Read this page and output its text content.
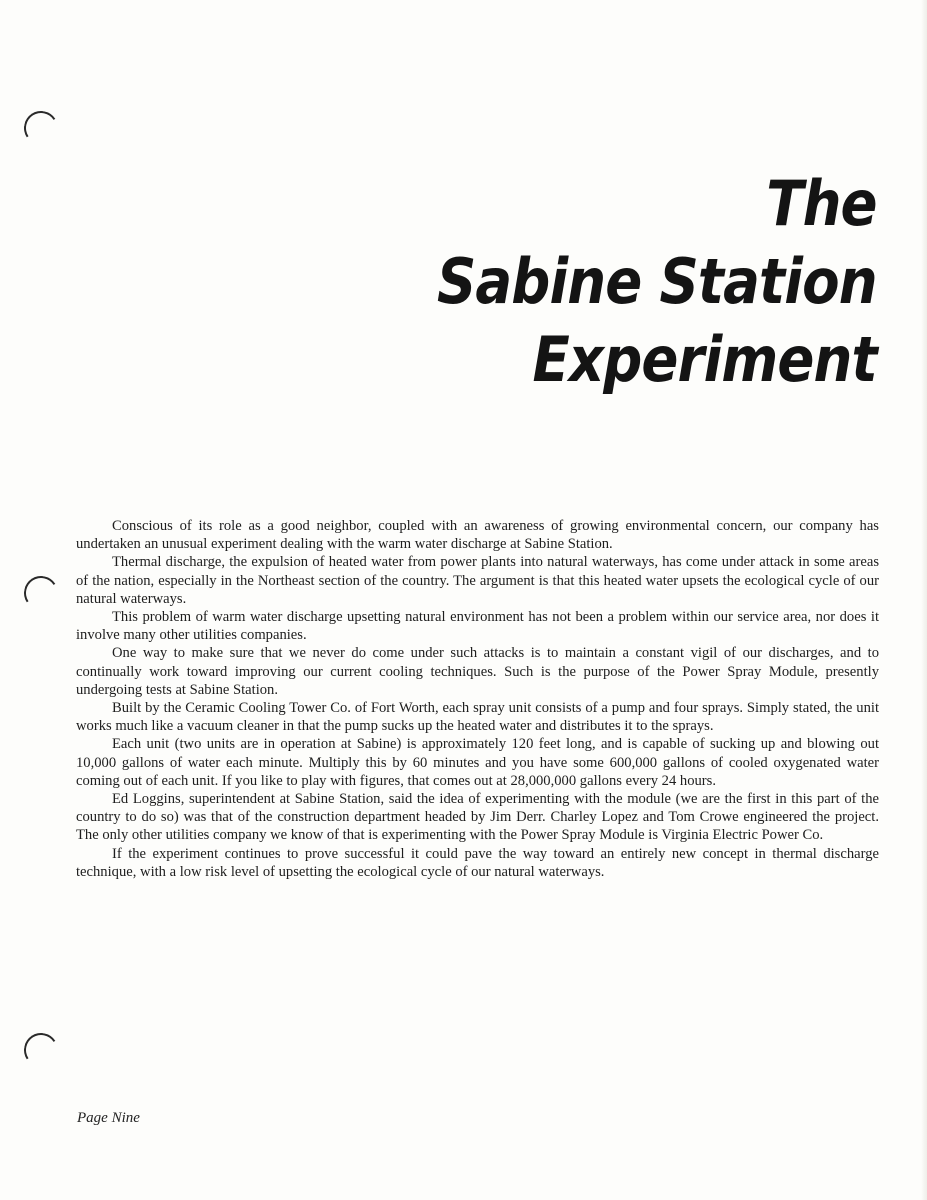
The
Sabine Station
Experiment

Conscious of its role as a good neighbor, coupled with an awareness of growing environmental concern, our company has undertaken an unusual experiment dealing with the warm water discharge at Sabine Station.

Thermal discharge, the expulsion of heated water from power plants into natural waterways, has come under attack in some areas of the nation, especially in the Northeast section of the country. The argument is that this heated water upsets the ecological cycle of our natural waterways.

This problem of warm water discharge upsetting natural environment has not been a problem within our service area, nor does it involve many other utilities companies.

One way to make sure that we never do come under such attacks is to maintain a constant vigil of our discharges, and to continually work toward improving our current cooling techniques. Such is the purpose of the Power Spray Module, presently undergoing tests at Sabine Station.

Built by the Ceramic Cooling Tower Co. of Fort Worth, each spray unit consists of a pump and four sprays. Simply stated, the unit works much like a vacuum cleaner in that the pump sucks up the heated water and distributes it to the sprays.

Each unit (two units are in operation at Sabine) is approximately 120 feet long, and is capable of sucking up and blowing out 10,000 gallons of water each minute. Multiply this by 60 minutes and you have some 600,000 gallons of cooled oxygenated water coming out of each unit. If you like to play with figures, that comes out at 28,000,000 gallons every 24 hours.

Ed Loggins, superintendent at Sabine Station, said the idea of experimenting with the module (we are the first in this part of the country to do so) was that of the construction department headed by Jim Derr. Charley Lopez and Tom Crowe engineered the project. The only other utilities company we know of that is experimenting with the Power Spray Module is Virginia Electric Power Co.

If the experiment continues to prove successful it could pave the way toward an entirely new concept in thermal discharge technique, with a low risk level of upsetting the ecological cycle of our natural waterways.

Page Nine
